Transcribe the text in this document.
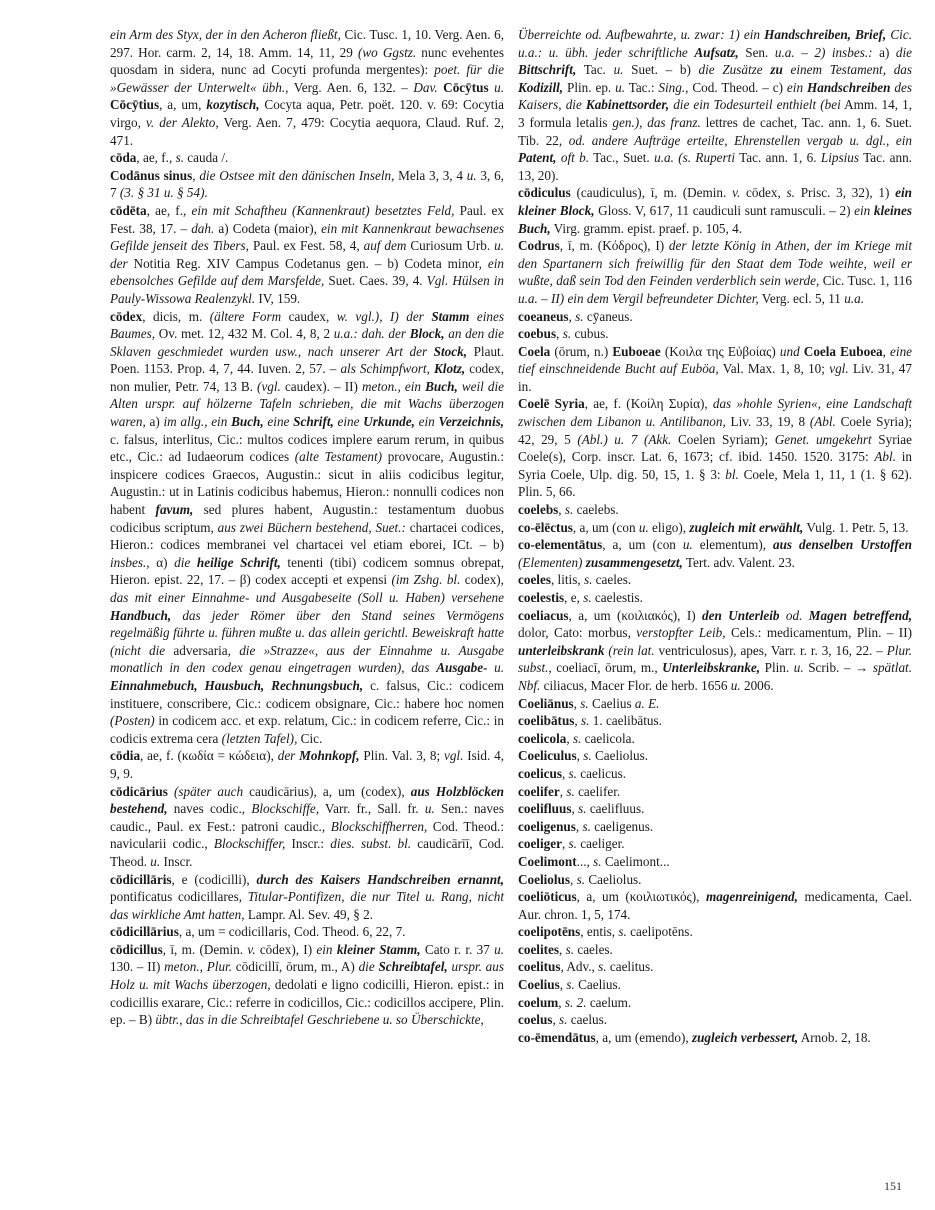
ein Arm des Styx, der in den Acheron fließt, Cic. Tusc. 1, 10. Verg. Aen. 6, 297. Hor. carm. 2, 14, 18. Amm. 14, 11, 29 (wo Ggstz. nunc evehentes quosdam in sidera, nunc ad Cocyti profunda mergentes): poet. für die »Gewässer der Unterwelt« übh., Verg. Aen. 6, 132. – Dav. Cōcȳtus u. Cōcȳtius, a, um, kozytisch, Cocyta aqua, Petr. poët. 120. v. 69: Cocytia virgo, v. der Alekto, Verg. Aen. 7, 479: Cocytia aequora, Claud. Ruf. 2, 471.

cōda, ae, f., s. cauda /.

Codānus sinus, die Ostsee mit den dänischen Inseln, Mela 3, 3, 4 u. 3, 6, 7 (3. § 31 u. § 54).

cōdēta, ae, f., ein mit Schaftheu (Kannenkraut) besetztes Feld, Paul. ex Fest. 38, 17. – dah. a) Codeta (maior), ein mit Kannenkraut bewachsenes Gefilde jenseit des Tibers, Paul. ex Fest. 58, 4, auf dem Curiosum Urb. u. der Notitia Reg. XIV Campus Codetanus gen. – b) Codeta minor, ein ebensolches Gefilde auf dem Marsfelde, Suet. Caes. 39, 4. Vgl. Hülsen in Pauly-Wissowa Realenzykl. IV, 159.

cōdex, dicis, m. (ältere Form caudex, w. vgl.), I) der Stamm eines Baumes, Ov. met. 12, 432 M. Col. 4, 8, 2 u.a.: dah. der Block, an den die Sklaven geschmiedet wurden usw., nach unserer Art der Stock, Plaut. Poen. 1153. Prop. 4, 7, 44. Iuven. 2, 57. – als Schimpfwort, Klotz, codex, non mulier, Petr. 74, 13 B. (vgl. caudex). – II) meton., ein Buch, weil die Alten urspr. auf hölzerne Tafeln schrieben, die mit Wachs überzogen waren, a) im allg., ein Buch, eine Schrift, eine Urkunde, ein Verzeichnis, c. falsus, interlitus, Cic.: multos codices implere earum rerum, in quibus etc., Cic.: ad Iudaeorum codices (alte Testament) provocare, Augustin.: inspicere codices Graecos, Augustin.: sicut in aliis codicibus legitur, Augustin.: ut in Latinis codicibus habemus, Hieron.: nonnulli codices non habent favum, sed plures habent, Augustin.: testamentum duobus codicibus scriptum, aus zwei Büchern bestehend, Suet.: chartacei codices, Hieron.: codices membranei vel chartacei vel etiam eborei, ICt. – b) insbes., α) die heilige Schrift, tenenti (tibi) codicem somnus obrepat, Hieron. epist. 22, 17. – β) codex accepti et expensi (im Zshg. bl. codex), das mit einer Einnahme- und Ausgabeseite (Soll u. Haben) versehene Handbuch, das jeder Römer über den Stand seines Vermögens regelmäßig führte u. führen mußte u. das allein gerichtl. Beweiskraft hatte (nicht die adversaria, die »Strazze«, aus der Einnahme u. Ausgabe monatlich in den codex genau eingetragen wurden), das Ausgabe- u. Einnahmebuch, Hausbuch, Rechnungsbuch, c. falsus, Cic.: codicem instituere, conscribere, Cic.: codicem obsignare, Cic.: habere hoc nomen (Posten) in codicem acc. et exp. relatum, Cic.: in codicem referre, Cic.: in codicis extrema cera (letzten Tafel), Cic.

cōdia, ae, f. (κωδία = κώδεια), der Mohnkopf, Plin. Val. 3, 8; vgl. Isid. 4, 9, 9.

cōdicārius (später auch caudicārius), a, um (codex), aus Holzblöcken bestehend, naves codic., Blockschiffe, Varr. fr., Sall. fr. u. Sen.: naves caudic., Paul. ex Fest.: patroni caudic., Blockschiffherren, Cod. Theod.: navicularii codic., Blockschiffer, Inscr.: dies. subst. bl. caudicārīī, Cod. Theod. u. Inscr.

cōdicillāris, e (codicilli), durch des Kaisers Handschreiben ernannt, pontificatus codicillares, Titular-Pontifizen, die nur Titel u. Rang, nicht das wirkliche Amt hatten, Lampr. Al. Sev. 49, § 2.

cōdicillārius, a, um = codicillaris, Cod. Theod. 6, 22, 7.

cōdicillus, ī, m. (Demin. v. cōdex), I) ein kleiner Stamm, Cato r. r. 37 u. 130. – II) meton., Plur. cōdicillī, ōrum, m., A) die Schreibtafel, urspr. aus Holz u. mit Wachs überzogen, dedolati e ligno codicilli, Hieron. epist.: in codicillis exarare, Cic.: referre in codicillos, Cic.: codicillos accipere, Plin. ep. – B) übtr., das in die Schreibtafel Geschriebene u. so Überschickte,

Überreichte od. Aufbewahrte, u. zwar: 1) ein Handschreiben, Brief, Cic. u.a.: u. übh. jeder schriftliche Aufsatz, Sen. u.a. – 2) insbes.: a) die Bittschrift, Tac. u. Suet. – b) die Zusätze zu einem Testament, das Kodizill, Plin. ep. u. Tac.: Sing., Cod. Theod. – c) ein Handschreiben des Kaisers, die Kabinettsorder, die ein Todesurteil enthielt (bei Amm. 14, 1, 3 formula letalis gen.), das franz. lettres de cachet, Tac. ann. 1, 6. Suet. Tib. 22, od. andere Aufträge erteilte, Ehrenstellen vergab u. dgl., ein Patent, oft b. Tac., Suet. u.a. (s. Ruperti Tac. ann. 1, 6. Lipsius Tac. ann. 13, 20).

cōdiculus (caudiculus), ī, m. (Demin. v. cōdex, s. Prisc. 3, 32), 1) ein kleiner Block, Gloss. V, 617, 11 caudiculi sunt ramusculi. – 2) ein kleines Buch, Virg. gramm. epist. praef. p. 105, 4.

Codrus, ī, m. (Κόδρος), I) der letzte König in Athen, der im Kriege mit den Spartanern sich freiwillig für den Staat dem Tode weihte, weil er wußte, daß sein Tod den Feinden verderblich sein werde, Cic. Tusc. 1, 116 u.a. – II) ein dem Vergil befreundeter Dichter, Verg. ecl. 5, 11 u.a.

coeaneus, s. cȳaneus.

coebus, s. cubus.

Coela (ōrum, n.) Euboeae (Κοιλα της Εὐβοίας) und Coela Euboea, eine tief einschneidende Bucht auf Euböa, Val. Max. 1, 8, 10; vgl. Liv. 31, 47 in.

Coelē Syria, ae, f. (Κοίλη Συρία), das »hohle Syrien«, eine Landschaft zwischen dem Libanon u. Antilibanon, Liv. 33, 19, 8 (Abl. Coele Syria); 42, 29, 5 (Abl.) u. 7 (Akk. Coelen Syriam); Genet. umgekehrt Syriae Coele(s), Corp. inscr. Lat. 6, 1673; cf. ibid. 1450. 1520. 3175: Abl. in Syria Coele, Ulp. dig. 50, 15, 1. § 3: bl. Coele, Mela 1, 11, 1 (1. § 62). Plin. 5, 66.

coelebs, s. caelebs.

co-ēlēctus, a, um (con u. eligo), zugleich mit erwählt, Vulg. 1. Petr. 5, 13.

co-elementātus, a, um (con u. elementum), aus denselben Urstoffen (Elementen) zusammengesetzt, Tert. adv. Valent. 23.

coeles, litis, s. caeles.

coelestis, e, s. caelestis.

coeliacus, a, um (κοιλιακός), I) den Unterleib od. Magen betreffend, dolor, Cato: morbus, verstopfter Leib, Cels.: medicamentum, Plin. – II) unterleibskrank (rein lat. ventriculosus), apes, Varr. r. r. 3, 16, 22. – Plur. subst., coeliacī, ōrum, m., Unterleibskranke, Plin. u. Scrib. – → spätlat. Nbf. ciliacus, Macer Flor. de herb. 1656 u. 2006.

Coeliānus, s. Caelius a. E.

coelibātus, s. 1. caelibātus.

coelicola, s. caelicola.

Coeliculus, s. Caeliolus.

coelicus, s. caelicus.

coelifer, s. caelifer.

coelifluus, s. caelifluus.

coeligenus, s. caeligenus.

coeliger, s. caeliger.

Coelimont..., s. Caelimont...

Coeliolus, s. Caeliolus.

coeliōticus, a, um (κοιλιωτικός), magenreinigend, medicamenta, Cael. Aur. chron. 1, 5, 174.

coelipotēns, entis, s. caelipotēns.

coelites, s. caeles.

coelitus, Adv., s. caelitus.

Coelius, s. Caelius.

coelum, s. 2. caelum.

coelus, s. caelus.

co-ēmendātus, a, um (emendo), zugleich verbessert, Arnob. 2, 18.

151
